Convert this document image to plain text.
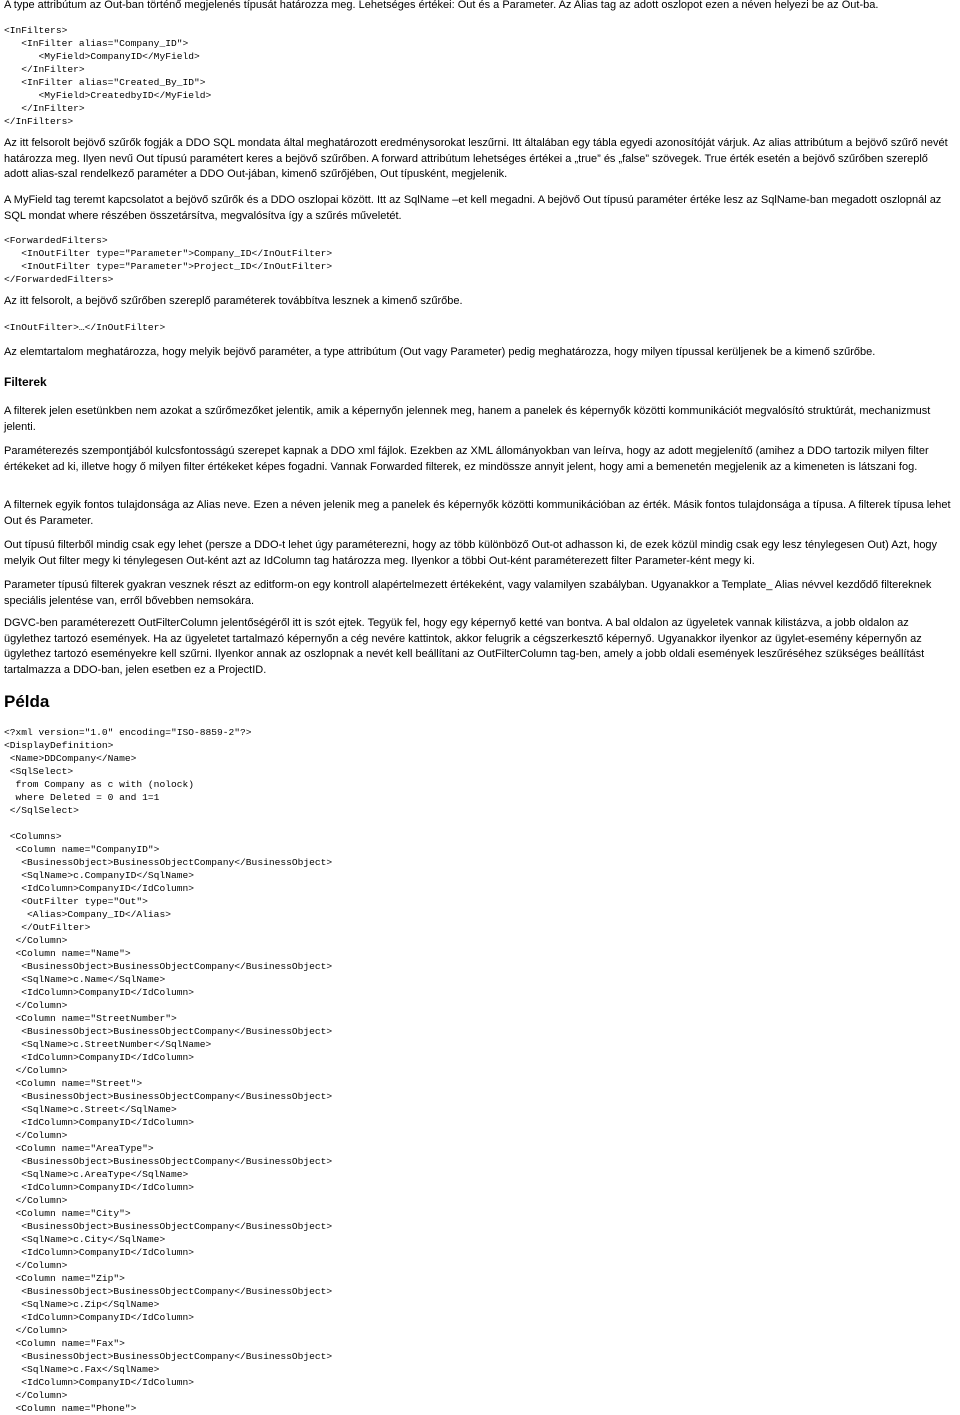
A type attribútum az Out-ban történő megjelenés típusát határozza meg. Lehetséges értékei: Out és a Parameter. Az Alias tag az adott oszlopot ezen a néven helyezi be az Out-ba.

<InFilters>
<InFilter alias="Company_ID">
<MyField>CompanyID</MyField>
</InFilter>
<InFilter alias="Created_By_ID">
<MyField>CreatedbyID</MyField>
</InFilter>
</InFilters>

Az itt felsorolt bejövő szűrők fogják a DDO SQL mondata által meghatározott eredménysorokat leszűrni. Itt általában egy tábla egyedi azonosítóját várjuk. Az alias attribútum a bejövő szűrő nevét határozza meg. Ilyen nevű Out típusú paramétert keres a bejövő szűrőben. A forward attribútum lehetséges értékei a „true” és „false” szövegek. True érték esetén a bejövő szűrőben szereplő adott alias-szal rendelkező paraméter a DDO Out-jában, kimenő szűrőjében, Out típusként, megjelenik.

A MyField tag teremt kapcsolatot a bejövő szűrők és a DDO oszlopai között. Itt az SqlName –et kell megadni. A bejövő Out típusú paraméter értéke lesz az SqlName-ban megadott oszlopnál az SQL mondat where részében összetársítva, megvalósítva így a szűrés műveletét.

<ForwardedFilters>
<InOutFilter type="Parameter">Company_ID</InOutFilter>
<InOutFilter type="Parameter">Project_ID</InOutFilter>
</ForwardedFilters>

Az itt felsorolt, a bejövő szűrőben szereplő paraméterek továbbítva lesznek a kimenő szűrőbe.

<InOutFilter>…</InOutFilter>

Az elemtartalom meghatározza, hogy melyik bejövő paraméter, a type attribútum (Out vagy Parameter) pedig meghatározza, hogy milyen típussal kerüljenek be a kimenő szűrőbe.

Filterek

A filterek jelen esetünkben nem azokat a szűrőmezőket jelentik, amik a képernyőn jelennek meg, hanem a panelek és képernyők közötti kommunikációt megvalósító struktúrát, mechanizmust jelenti.

Paraméterezés szempontjából kulcsfontosságú szerepet kapnak a DDO xml fájlok. Ezekben az XML állományokban van leírva, hogy az adott megjelenítő (amihez a DDO tartozik milyen filter értékeket ad ki, illetve hogy ő milyen filter értékeket képes fogadni. Vannak Forwarded filterek, ez mindössze annyit jelent, hogy ami a bemenetén megjelenik az a kimeneten is látszani fog.

A filternek egyik fontos tulajdonsága az Alias neve. Ezen a néven jelenik meg a panelek és képernyők közötti kommunikációban az érték. Másik fontos tulajdonsága a típusa. A filterek típusa lehet Out és Parameter.

Out típusú filterből mindig csak egy lehet (persze a DDO-t lehet úgy paraméterezni, hogy az több különböző Out-ot adhasson ki, de ezek közül mindig csak egy lesz ténylegesen Out) Azt, hogy melyik Out filter megy ki ténylegesen Out-ként azt az IdColumn tag határozza meg. Ilyenkor a többi Out-ként paraméterezett filter Parameter-ként megy ki.

Parameter típusú filterek gyakran vesznek részt az editform-on egy kontroll alapértelmezett értékeként, vagy valamilyen szabályban. Ugyanakkor a Template_ Alias névvel kezdődő filtereknek speciális jelentése van, erről bővebben nemsokára.

DGVC-ben paraméterezett OutFilterColumn jelentőségéről itt is szót ejtek. Tegyük fel, hogy egy képernyő ketté van bontva. A bal oldalon az ügyeletek vannak kilistázva, a jobb oldalon az ügylethez tartozó események. Ha az ügyeletet tartalmazó képernyőn a cég nevére kattintok, akkor felugrik a cégszerkesztő képernyő. Ugyanakkor ilyenkor az ügylet-esemény képernyőn az ügylethez tartozó eseményekre kell szűrni. Ilyenkor annak az oszlopnak a nevét kell beállítani az OutFilterColumn tag-ben, amely a jobb oldali események leszűréséhez szükséges beállítást tartalmazza a DDO-ban, jelen esetben ez a ProjectID.

Példa

<?xml version="1.0" encoding="ISO-8859-2"?>
<DisplayDefinition>
<Name>DDCompany</Name>
<SqlSelect>
from Company as c with (nolock)
where Deleted = 0 and 1=1
</SqlSelect>

<Columns>
<Column name="CompanyID">
<BusinessObject>BusinessObjectCompany</BusinessObject>
<SqlName>c.CompanyID</SqlName>
<IdColumn>CompanyID</IdColumn>
<OutFilter type="Out">
<Alias>Company_ID</Alias>
</OutFilter>
</Column>
<Column name="Name">
<BusinessObject>BusinessObjectCompany</BusinessObject>
<SqlName>c.Name</SqlName>
<IdColumn>CompanyID</IdColumn>
</Column>
<Column name="StreetNumber">
<BusinessObject>BusinessObjectCompany</BusinessObject>
<SqlName>c.StreetNumber</SqlName>
<IdColumn>CompanyID</IdColumn>
</Column>
<Column name="Street">
<BusinessObject>BusinessObjectCompany</BusinessObject>
<SqlName>c.Street</SqlName>
<IdColumn>CompanyID</IdColumn>
</Column>
<Column name="AreaType">
<BusinessObject>BusinessObjectCompany</BusinessObject>
<SqlName>c.AreaType</SqlName>
<IdColumn>CompanyID</IdColumn>
</Column>
<Column name="City">
<BusinessObject>BusinessObjectCompany</BusinessObject>
<SqlName>c.City</SqlName>
<IdColumn>CompanyID</IdColumn>
</Column>
<Column name="Zip">
<BusinessObject>BusinessObjectCompany</BusinessObject>
<SqlName>c.Zip</SqlName>
<IdColumn>CompanyID</IdColumn>
</Column>
<Column name="Fax">
<BusinessObject>BusinessObjectCompany</BusinessObject>
<SqlName>c.Fax</SqlName>
<IdColumn>CompanyID</IdColumn>
</Column>
<Column name="Phone">
